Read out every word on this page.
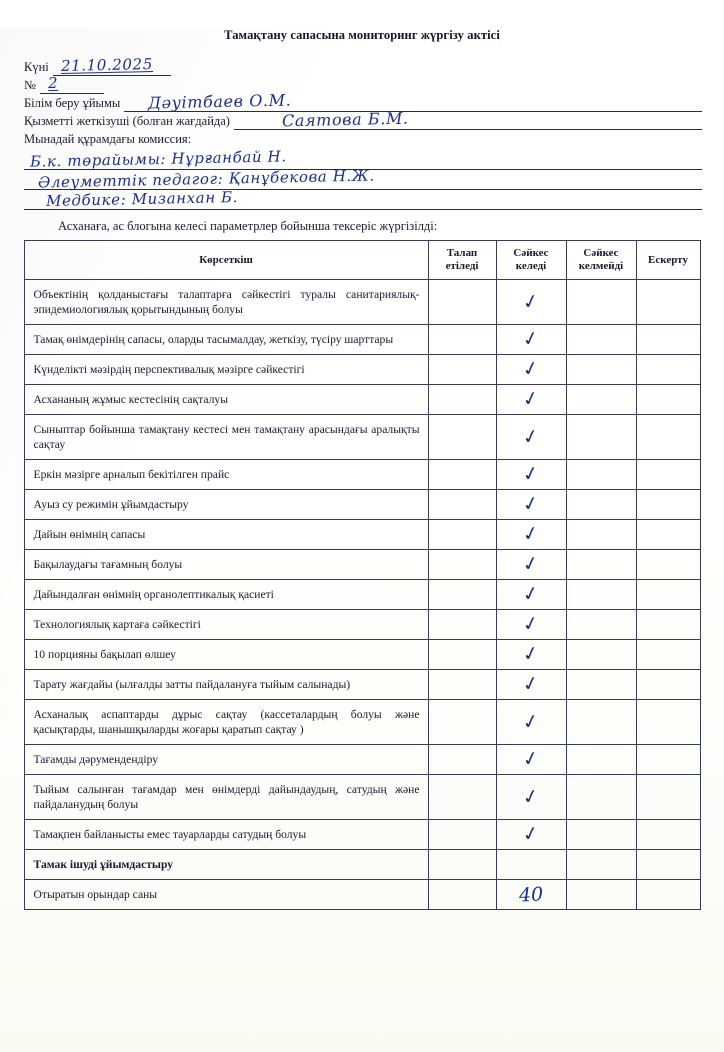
Тамақтану сапасына мониторинг жүргізу актісі
Күні 21.10.2025
№ 2
Білім беру ұйымы Дәуітбаев О.М.
Қызметті жеткізуші (болған жағдайда)	Саятова Б.М.
Мынадай құрамдағы комиссия:
Б.к. төрайымы: Нұрғанбай Н.
Әлеуметтік педагог: Қанұбекова Н.Ж.
Медбике: Мизанхан Б.
Асханаға, ас блогына келесі параметрлер бойынша тексеріс жүргізілді:
Көрсеткіш	Талап етіледі	Сәйкес келеді	Сәйкес келмейді	Ескерту
Объектінің қолданыстағы талаптарға сәйкестігі туралы санитариялық-эпидемиологиялық қорытындының болуы		✓		
Тамақ өнімдерінің сапасы, оларды тасымалдау, жеткізу, түсіру шарттары		✓		
Күнделікті мәзірдің перспективалық мәзірге сәйкестігі		✓		
Асхананың жұмыс кестесінің сақталуы		✓		
Сыныптар бойынша тамақтану кестесі мен тамақтану арасындағы аралықты сақтау		✓		
Еркін мәзірге арналып бекітілген прайс		✓		
Ауыз су режимін ұйымдастыру		✓		
Дайын өнімнің сапасы		✓		
Бақылаудағы тағамның болуы		✓		
Дайындалған өнімнің органолептикалық қасиеті		✓		
Технологиялық картаға сәйкестігі		✓		
10 порцияны бақылап өлшеу		✓		
Тарату жағдайы (ылғалды затты пайдалануға тыйым салынады)		✓		
Асханалық аспаптарды дұрыс сақтау (кассеталардың болуы және қасықтарды, шанышқыларды жоғары қаратып сақтау )		✓		
Тағамды дәрумендендіру		✓		
Тыйым салынған тағамдар мен өнімдерді дайындаудың, сатудың және пайдаланудың болуы		✓		
Тамақпен байланысты емес тауарларды сатудың болуы		✓		
Тамак ішуді ұйымдастыру				
Отыратын орындар саны		40		
